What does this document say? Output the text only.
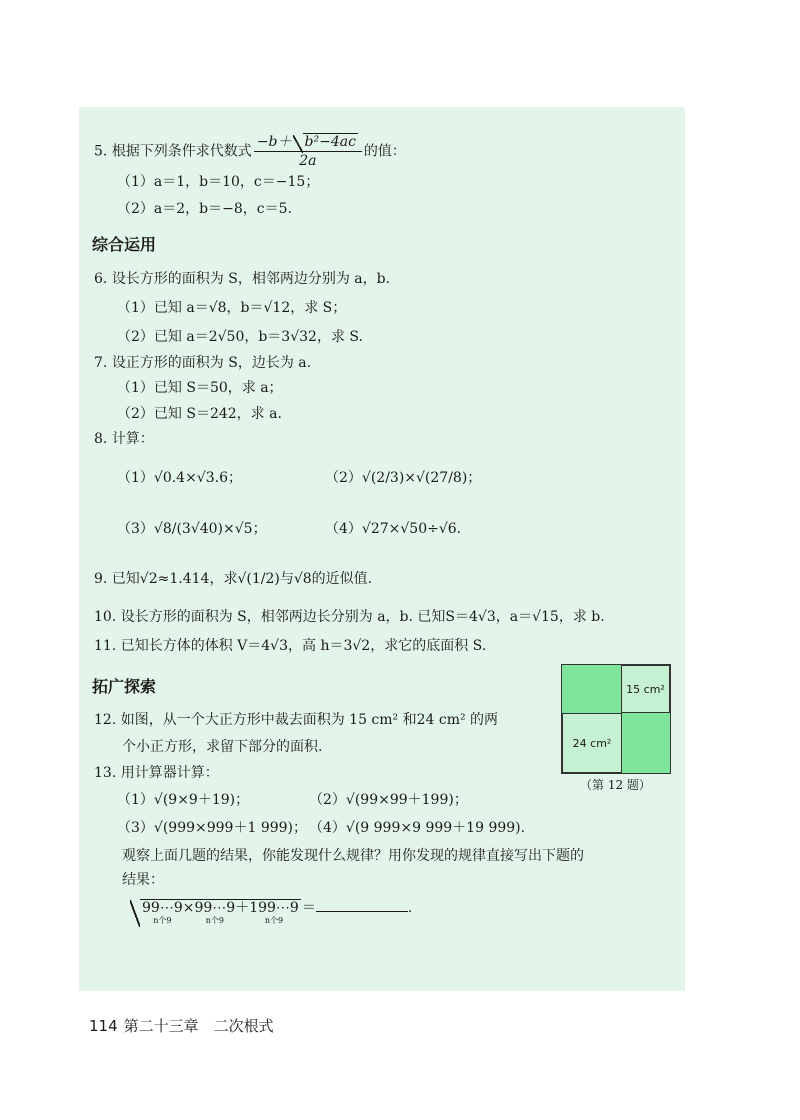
5. 根据下列条件求代数式 $\frac{\text{−b＋ b²−4ac}}{2a}$ 的值：
（1）a＝1，b＝10，c＝−15；
（2）a＝2，b＝−8，c＝5.
综合运用
6. 设长方形的面积为 S，相邻两边分别为 a，b.
（1）已知 a＝√8，b＝√12，求 S；
（2）已知 a＝2√50，b＝3√32，求 S.
7. 设正方形的面积为 S，边长为 a.
（1）已知 S＝50，求 a；
（2）已知 S＝242，求 a.
8. 计算：
（1）√0.4×√3.6；	（2）√(2/3)×√(27/8)；
（3）√8/(3√40)×√5；	（4）√27×√50÷√6.
9. 已知√2≈1.414，求√(1/2)与√8的近似值.
10. 设长方形的面积为 S，相邻两边长分别为 a，b. 已知S＝4√3，a＝√15，求 b.
11. 已知长方体的体积 V＝4√3，高 h＝3√2，求它的底面积 S.
拓广探索
12. 如图，从一个大正方形中裁去面积为 15 cm² 和24 cm² 的两
个小正方形，求留下部分的面积.
13. 用计算器计算：
（1）√(9×9＋19)；	（2）√(99×99＋199)；
（3）√(999×999＋1 999)； （4）√(9 999×9 999＋19 999).
观察上面几题的结果，你能发现什么规律？用你发现的规律直接写出下题的
结果：
99⋯9
n个9
× 99⋯9
n个9
＋ 199⋯9
n个9
＝	.
15 cm²
24 cm²
（第 12 题）
114 第二十三章　二次根式
